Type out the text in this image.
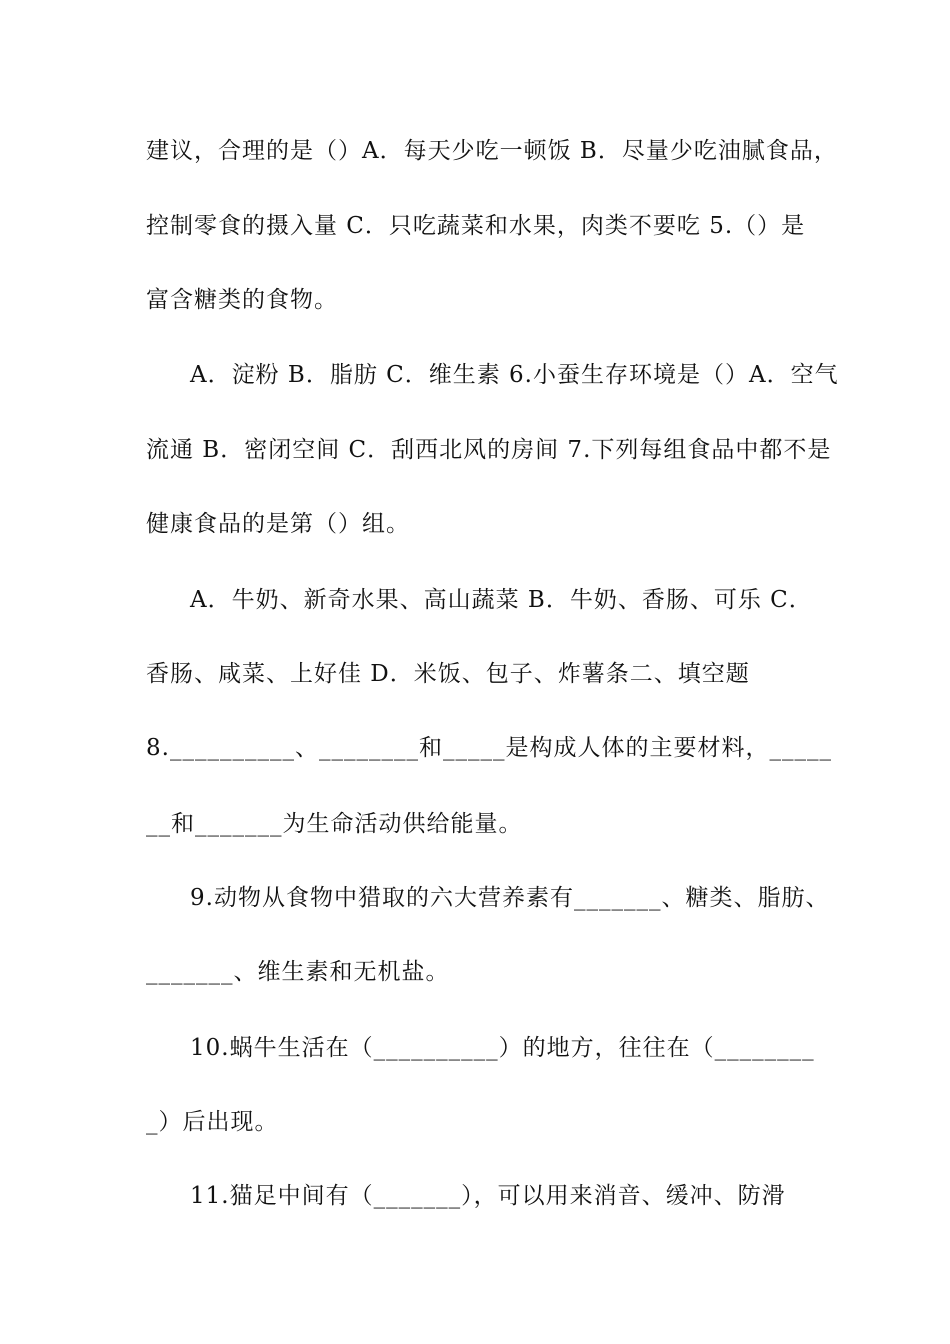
建议，合理的是（）A．每天少吃一顿饭 B．尽量少吃油腻食品，
控制零食的摄入量 C．只吃蔬菜和水果，肉类不要吃 5.（）是
富含糖类的食物。
A．淀粉 B．脂肪 C．维生素 6.小蚕生存环境是（）A．空气
流通 B．密闭空间 C．刮西北风的房间 7.下列每组食品中都不是
健康食品的是第（）组。
A．牛奶、新奇水果、高山蔬菜 B．牛奶、香肠、可乐 C．
香肠、咸菜、上好佳 D．米饭、包子、炸薯条二、填空题
8.__________、________和_____是构成人体的主要材料，_____
__和_______为生命活动供给能量。
9.动物从食物中猎取的六大营养素有_______、糖类、脂肪、
_______、维生素和无机盐。
10.蜗牛生活在（__________）的地方，往往在（________
_）后出现。
11.猫足中间有（_______），可以用来消音、缓冲、防滑
